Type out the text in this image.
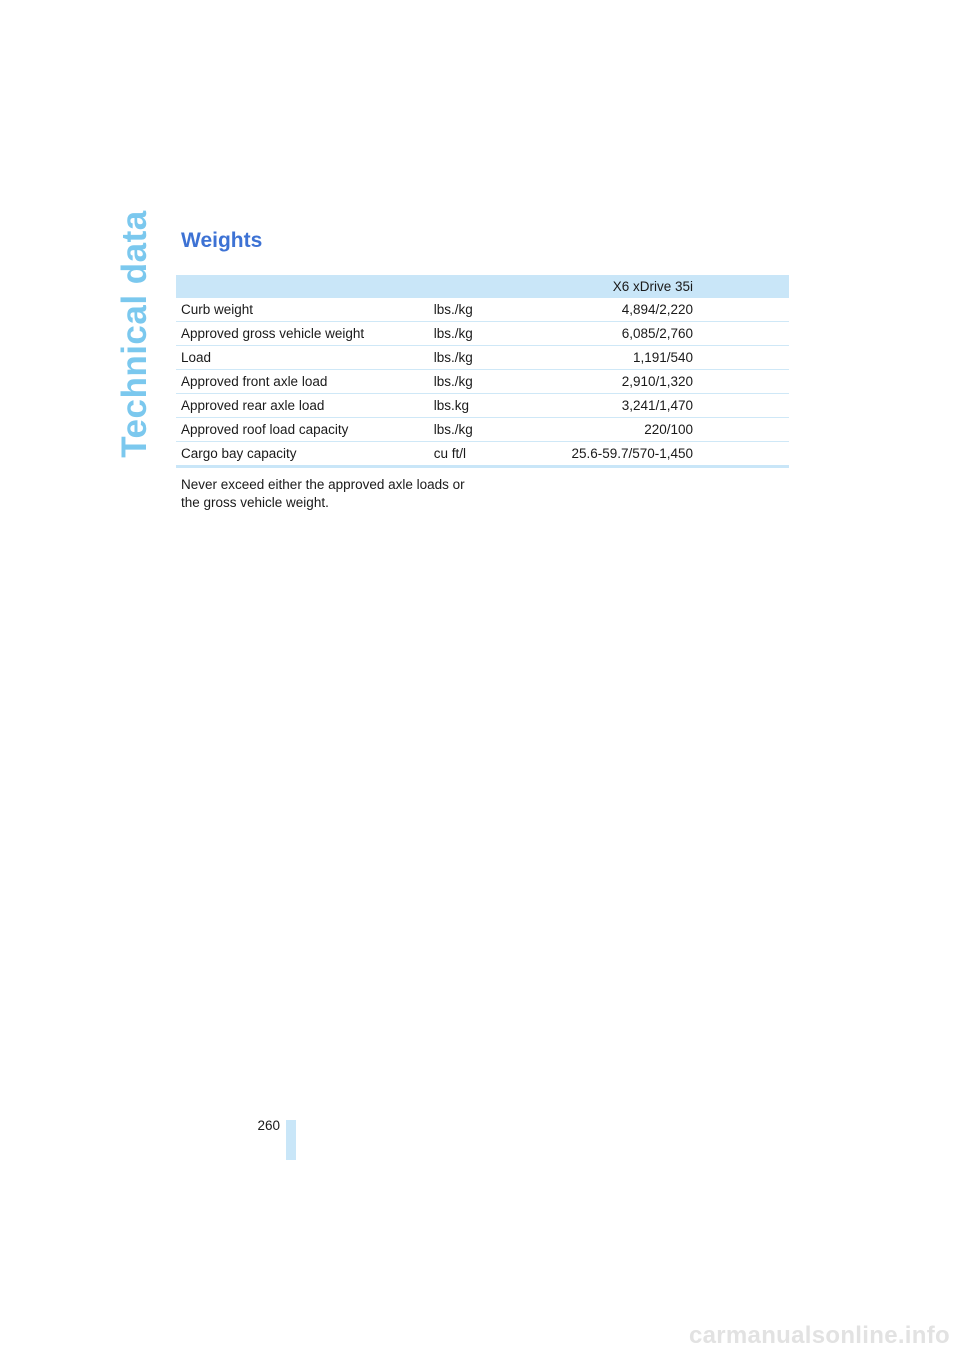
Technical data Weights
		X6 xDrive 35i	
Curb weight	lbs./kg	4,894/2,220	
Approved gross vehicle weight	lbs./kg	6,085/2,760	
Load	lbs./kg	1,191/540	
Approved front axle load	lbs./kg	2,910/1,320	
Approved rear axle load	lbs.kg	3,241/1,470	
Approved roof load capacity	lbs./kg	220/100	
Cargo bay capacity	cu ft/l	25.6-59.7/570-1,450	

Never exceed either the approved axle loads or the gross vehicle weight.

260
carmanualsonline.info
